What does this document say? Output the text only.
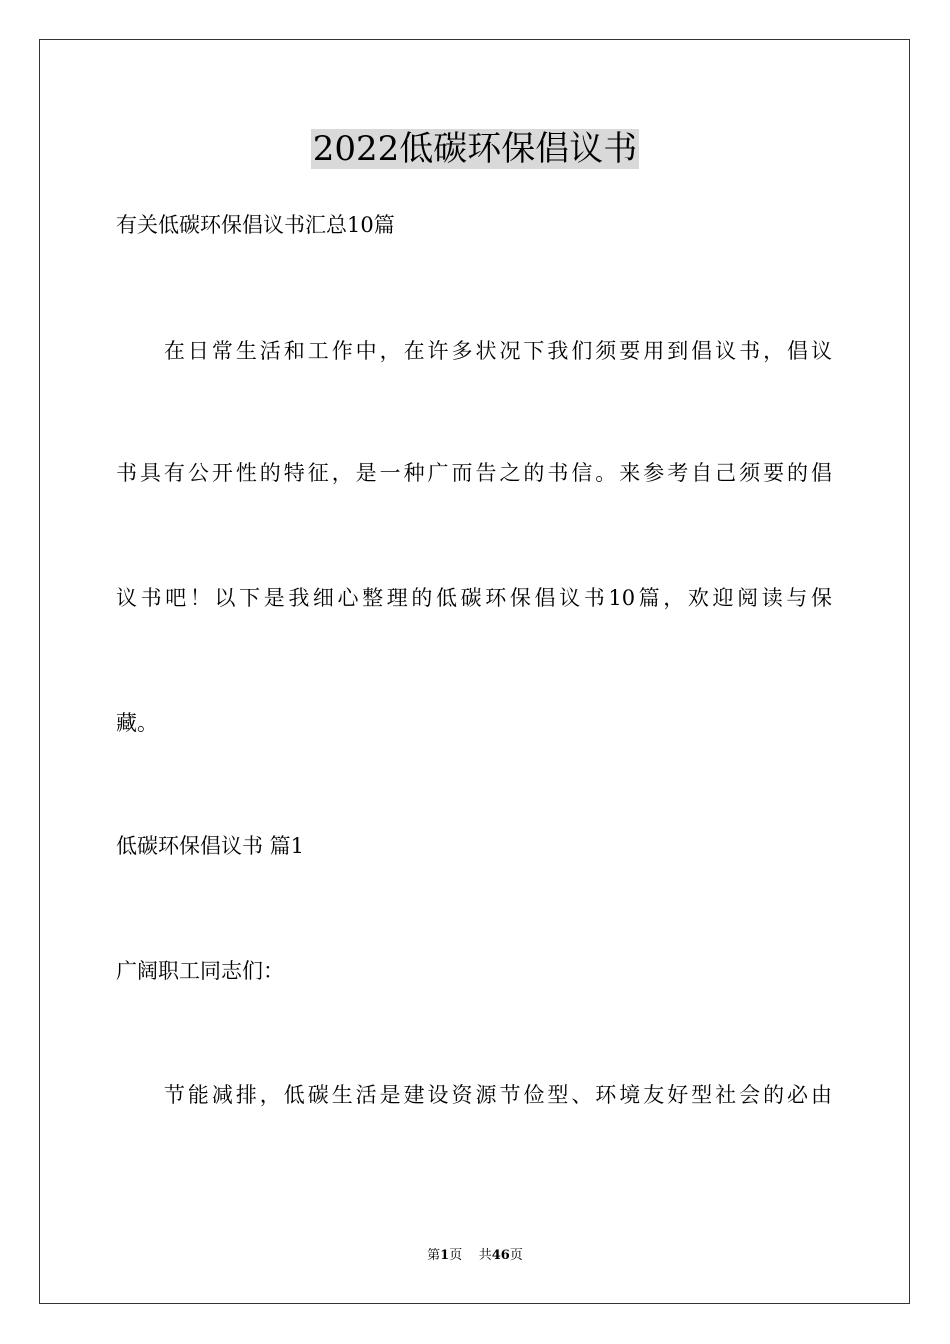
2022低碳环保倡议书
有关低碳环保倡议书汇总10篇
　　在日常生活和工作中，在许多状况下我们须要用到倡议书，倡议
书具有公开性的特征，是一种广而告之的书信。来参考自己须要的倡
议书吧！以下是我细心整理的低碳环保倡议书10篇，欢迎阅读与保
藏。
低碳环保倡议书 篇1
广阔职工同志们：
　　节能减排，低碳生活是建设资源节俭型、环境友好型社会的必由
第1页 共46页
